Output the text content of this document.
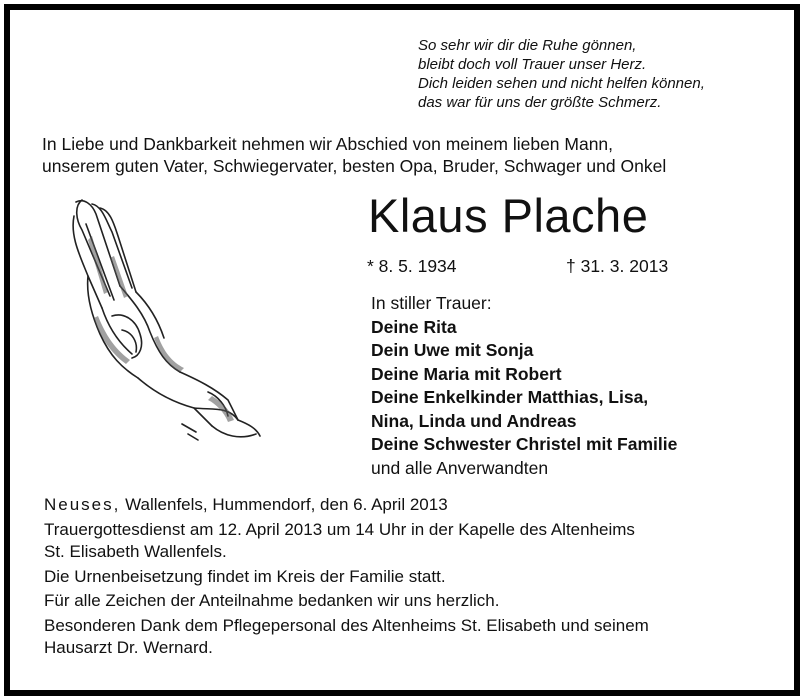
So sehr wir dir die Ruhe gönnen,
bleibt doch voll Trauer unser Herz.
Dich leiden sehen und nicht helfen können,
das war für uns der größte Schmerz.
In Liebe und Dankbarkeit nehmen wir Abschied von meinem lieben Mann,
unserem guten Vater, Schwiegervater, besten Opa, Bruder, Schwager und Onkel
Klaus Plache
* 8. 5. 1934	† 31. 3. 2013
In stiller Trauer:
Deine Rita
Dein Uwe mit Sonja
Deine Maria mit Robert
Deine Enkelkinder Matthias, Lisa,
Nina, Linda und Andreas
Deine Schwester Christel mit Familie
und alle Anverwandten
Neuses, Wallenfels, Hummendorf, den 6. April 2013
Trauergottesdienst am 12. April 2013 um 14 Uhr in der Kapelle des Altenheims
St. Elisabeth Wallenfels.
Die Urnenbeisetzung findet im Kreis der Familie statt.
Für alle Zeichen der Anteilnahme bedanken wir uns herzlich.
Besonderen Dank dem Pflegepersonal des Altenheims St. Elisabeth und seinem
Hausarzt Dr. Wernard.
